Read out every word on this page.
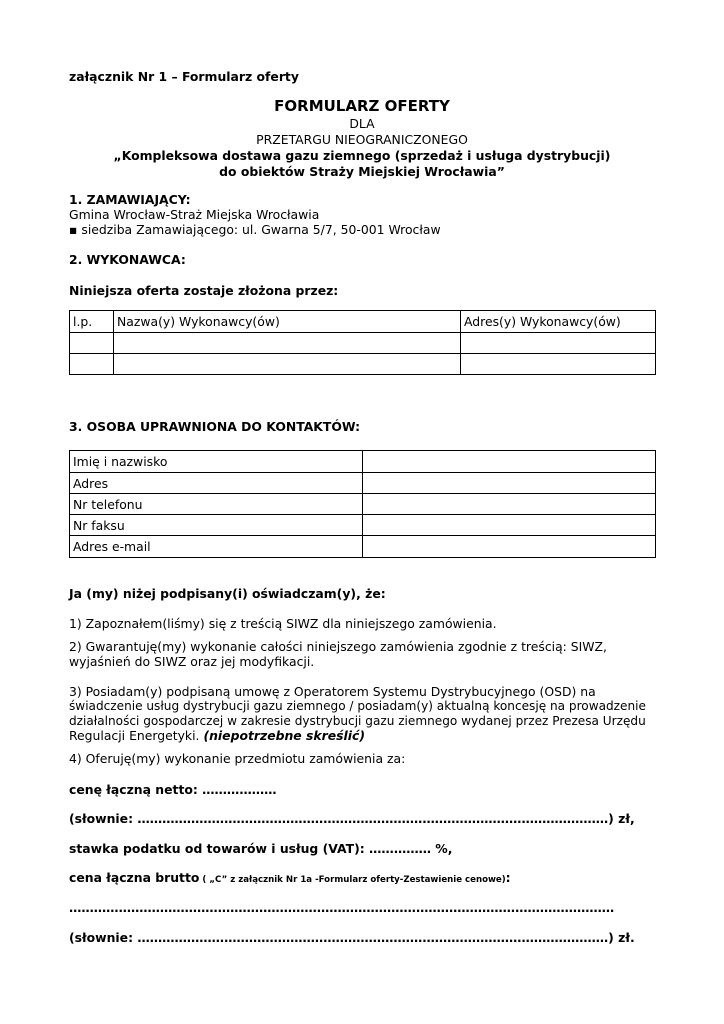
załącznik Nr 1 – Formularz oferty
FORMULARZ OFERTY
DLA
PRZETARGU NIEOGRANICZONEGO
„Kompleksowa dostawa gazu ziemnego (sprzedaż i usługa dystrybucji)
do obiektów Straży Miejskiej Wrocławia”
1. ZAMAWIAJĄCY:
Gmina Wrocław-Straż Miejska Wrocławia
▪ siedziba Zamawiającego: ul. Gwarna 5/7, 50-001 Wrocław
2. WYKONAWCA:
Niniejsza oferta zostaje złożona przez:
l.p.	Nazwa(y) Wykonawcy(ów)	Adres(y) Wykonawcy(ów)

3. OSOBA UPRAWNIONA DO KONTAKTÓW:
Imię i nazwisko	
Adres	
Nr telefonu	
Nr faksu	
Adres e-mail	
Ja (my) niżej podpisany(i) oświadczam(y), że:
1) Zapoznałem(liśmy) się z treścią SIWZ dla niniejszego zamówienia.
2) Gwarantuję(my) wykonanie całości niniejszego zamówienia zgodnie z treścią: SIWZ,
wyjaśnień do SIWZ oraz jej modyfikacji.
3) Posiadam(y) podpisaną umowę z Operatorem Systemu Dystrybucyjnego (OSD) na
świadczenie usług dystrybucji gazu ziemnego / posiadam(y) aktualną koncesję na prowadzenie
działalności gospodarczej w zakresie dystrybucji gazu ziemnego wydanej przez Prezesa Urzędu
Regulacji Energetyki. (niepotrzebne skreślić)
4) Oferuję(my) wykonanie przedmiotu zamówienia za:
cenę łączną netto: ………………
(słownie: ……………………………………………………………………………………………………) zł,
stawka podatku od towarów i usług (VAT): …………… %,
cena łączna brutto ( „C” z załącznik Nr 1a -Formularz oferty-Zestawienie cenowe):
……………………………………………………………………………………………………………………
(słownie: ……………………………………………………………………………………………………) zł.
